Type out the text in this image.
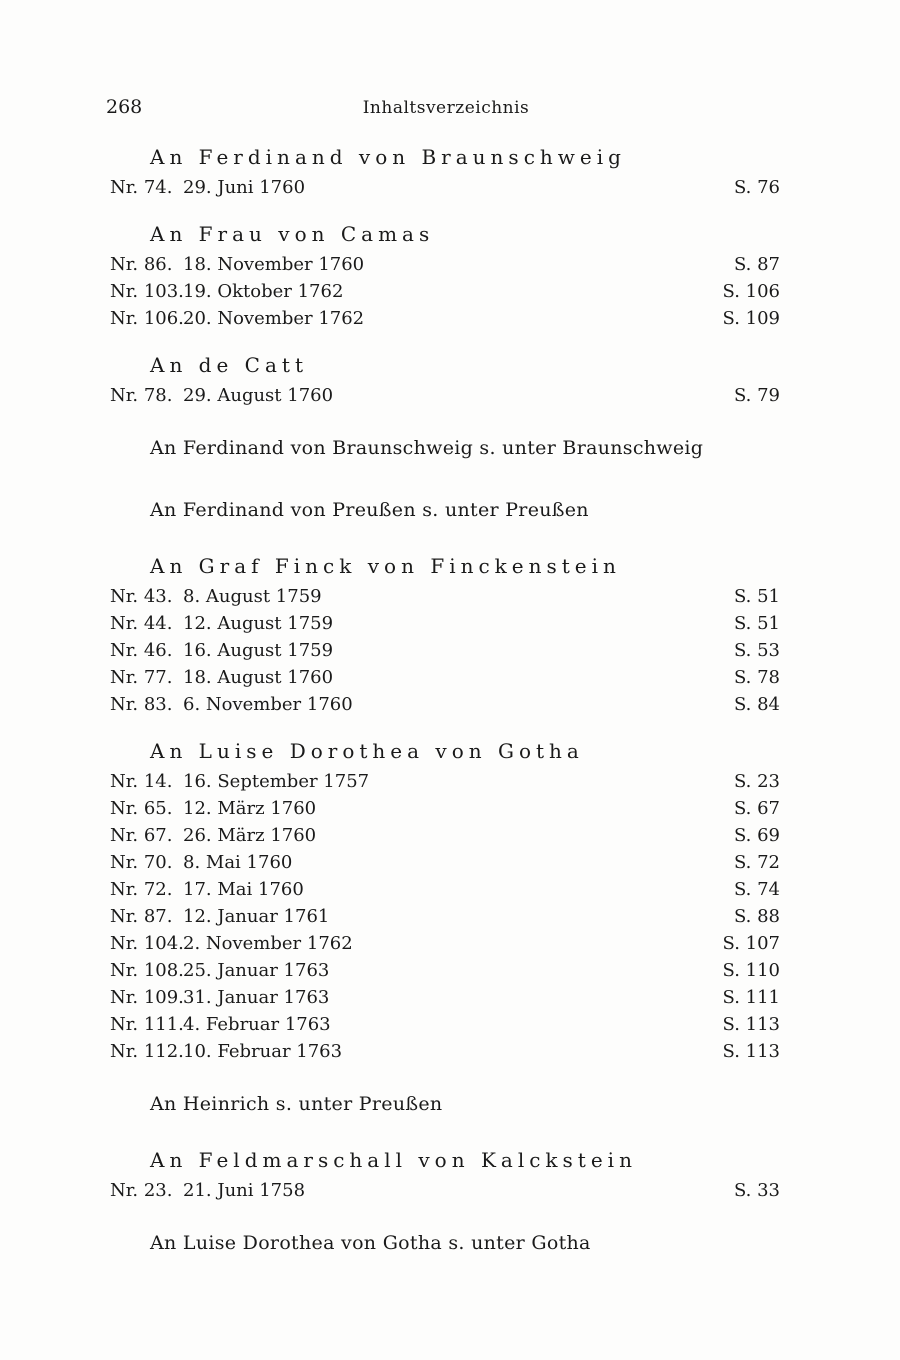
268	Inhaltsverzeichnis
An Ferdinand von Braunschweig
Nr. 74. 29. Juni 1760	S. 76
An Frau von Camas
Nr. 86. 18. November 1760	S. 87
Nr. 103. 19. Oktober 1762	S. 106
Nr. 106. 20. November 1762	S. 109
An de Catt
Nr. 78. 29. August 1760	S. 79
An Ferdinand von Braunschweig s. unter Braunschweig
An Ferdinand von Preußen s. unter Preußen
An Graf Finck von Finckenstein
Nr. 43. 8. August 1759	S. 51
Nr. 44. 12. August 1759	S. 51
Nr. 46. 16. August 1759	S. 53
Nr. 77. 18. August 1760	S. 78
Nr. 83. 6. November 1760	S. 84
An Luise Dorothea von Gotha
Nr. 14. 16. September 1757	S. 23
Nr. 65. 12. März 1760	S. 67
Nr. 67. 26. März 1760	S. 69
Nr. 70. 8. Mai 1760	S. 72
Nr. 72. 17. Mai 1760	S. 74
Nr. 87. 12. Januar 1761	S. 88
Nr. 104. 2. November 1762	S. 107
Nr. 108. 25. Januar 1763	S. 110
Nr. 109. 31. Januar 1763	S. 111
Nr. 111. 4. Februar 1763	S. 113
Nr. 112. 10. Februar 1763	S. 113
An Heinrich s. unter Preußen
An Feldmarschall von Kalckstein
Nr. 23. 21. Juni 1758	S. 33
An Luise Dorothea von Gotha s. unter Gotha
